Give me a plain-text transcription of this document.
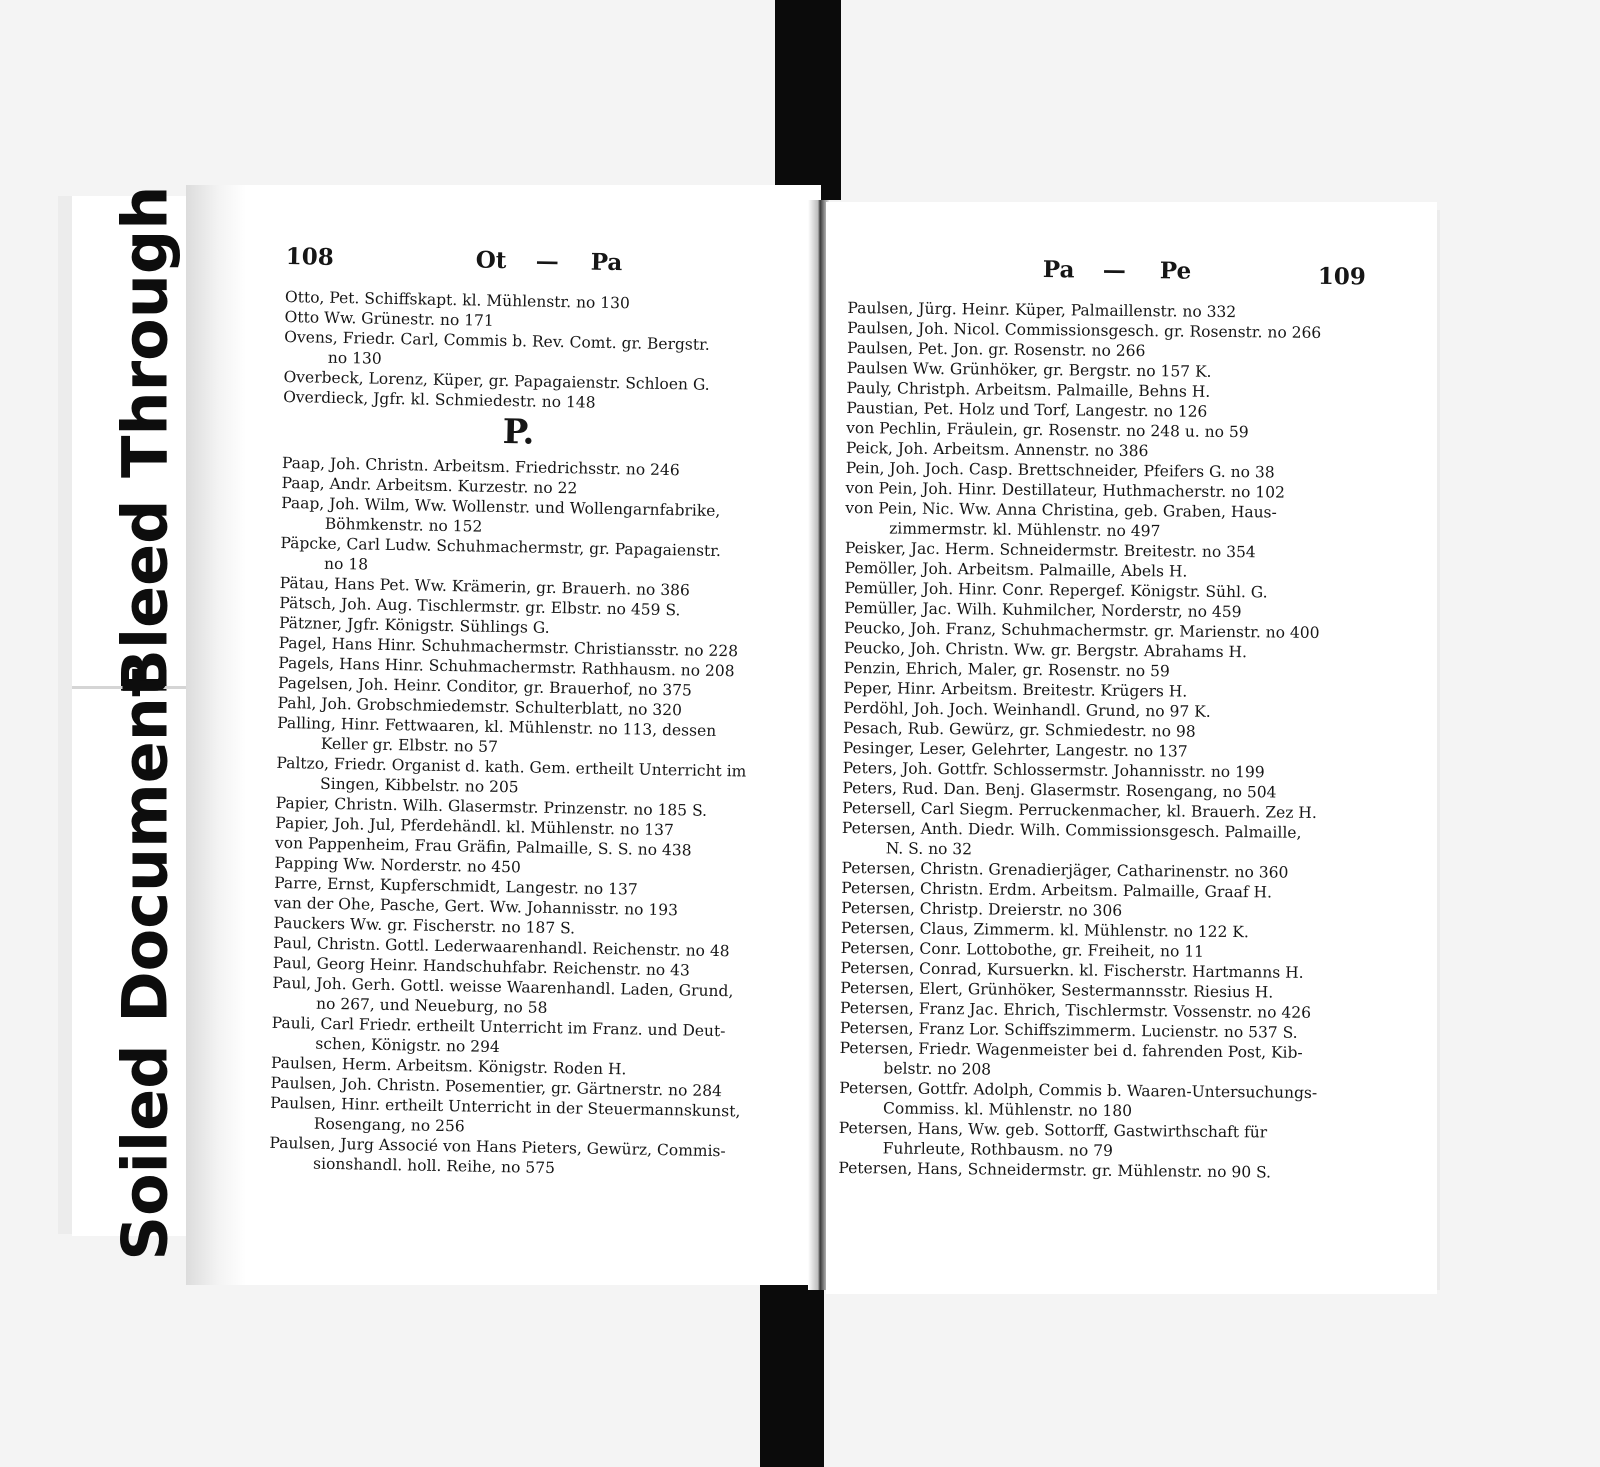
Bleed Through
Soiled Document
108	Ot — Pa

Otto, Pet. Schiffskapt. kl. Mühlenstr. no 130

Otto Ww. Grünestr. no 171

Ovens, Friedr. Carl, Commis b. Rev. Comt. gr. Bergstr.

no 130

Overbeck, Lorenz, Küper, gr. Papagaienstr. Schloen G.

Overdieck, Jgfr. kl. Schmiedestr. no 148

P.

Paap, Joh. Christn. Arbeitsm. Friedrichsstr. no 246

Paap, Andr. Arbeitsm. Kurzestr. no 22

Paap, Joh. Wilm, Ww. Wollenstr. und Wollengarnfabrike,

Böhmkenstr. no 152

Päpcke, Carl Ludw. Schuhmachermstr, gr. Papagaienstr.

no 18

Pätau, Hans Pet. Ww. Krämerin, gr. Brauerh. no 386

Pätsch, Joh. Aug. Tischlermstr. gr. Elbstr. no 459 S.

Pätzner, Jgfr. Königstr. Sühlings G.

Pagel, Hans Hinr. Schuhmachermstr. Christiansstr. no 228

Pagels, Hans Hinr. Schuhmachermstr. Rathhausm. no 208

Pagelsen, Joh. Heinr. Conditor, gr. Brauerhof, no 375

Pahl, Joh. Grobschmiedemstr. Schulterblatt, no 320

Palling, Hinr. Fettwaaren, kl. Mühlenstr. no 113, dessen

Keller gr. Elbstr. no 57

Paltzo, Friedr. Organist d. kath. Gem. ertheilt Unterricht im

Singen, Kibbelstr. no 205

Papier, Christn. Wilh. Glasermstr. Prinzenstr. no 185 S.

Papier, Joh. Jul, Pferdehändl. kl. Mühlenstr. no 137

von Pappenheim, Frau Gräfin, Palmaille, S. S. no 438

Papping Ww. Norderstr. no 450

Parre, Ernst, Kupferschmidt, Langestr. no 137

van der Ohe, Pasche, Gert. Ww. Johannisstr. no 193

Pauckers Ww. gr. Fischerstr. no 187 S.

Paul, Christn. Gottl. Lederwaarenhandl. Reichenstr. no 48

Paul, Georg Heinr. Handschuhfabr. Reichenstr. no 43

Paul, Joh. Gerh. Gottl. weisse Waarenhandl. Laden, Grund,

no 267, und Neueburg, no 58

Pauli, Carl Friedr. ertheilt Unterricht im Franz. und Deut-

schen, Königstr. no 294

Paulsen, Herm. Arbeitsm. Königstr. Roden H.

Paulsen, Joh. Christn. Posementier, gr. Gärtnerstr. no 284

Paulsen, Hinr. ertheilt Unterricht in der Steuermannskunst,

Rosengang, no 256

Paulsen, Jurg Associé von Hans Pieters, Gewürz, Commis-

sionshandl. holl. Reihe, no 575

Pa — Pe	109

Paulsen, Jürg. Heinr. Küper, Palmaillenstr. no 332

Paulsen, Joh. Nicol. Commissionsgesch. gr. Rosenstr. no 266

Paulsen, Pet. Jon. gr. Rosenstr. no 266

Paulsen Ww. Grünhöker, gr. Bergstr. no 157 K.

Pauly, Christph. Arbeitsm. Palmaille, Behns H.

Paustian, Pet. Holz und Torf, Langestr. no 126

von Pechlin, Fräulein, gr. Rosenstr. no 248 u. no 59

Peick, Joh. Arbeitsm. Annenstr. no 386

Pein, Joh. Joch. Casp. Brettschneider, Pfeifers G. no 38

von Pein, Joh. Hinr. Destillateur, Huthmacherstr. no 102

von Pein, Nic. Ww. Anna Christina, geb. Graben, Haus-

zimmermstr. kl. Mühlenstr. no 497

Peisker, Jac. Herm. Schneidermstr. Breitestr. no 354

Pemöller, Joh. Arbeitsm. Palmaille, Abels H.

Pemüller, Joh. Hinr. Conr. Repergef. Königstr. Sühl. G.

Pemüller, Jac. Wilh. Kuhmilcher, Norderstr, no 459

Peucko, Joh. Franz, Schuhmachermstr. gr. Marienstr. no 400

Peucko, Joh. Christn. Ww. gr. Bergstr. Abrahams H.

Penzin, Ehrich, Maler, gr. Rosenstr. no 59

Peper, Hinr. Arbeitsm. Breitestr. Krügers H.

Perdöhl, Joh. Joch. Weinhandl. Grund, no 97 K.

Pesach, Rub. Gewürz, gr. Schmiedestr. no 98

Pesinger, Leser, Gelehrter, Langestr. no 137

Peters, Joh. Gottfr. Schlossermstr. Johannisstr. no 199

Peters, Rud. Dan. Benj. Glasermstr. Rosengang, no 504

Petersell, Carl Siegm. Perruckenmacher, kl. Brauerh. Zez H.

Petersen, Anth. Diedr. Wilh. Commissionsgesch. Palmaille,

N. S. no 32

Petersen, Christn. Grenadierjäger, Catharinenstr. no 360

Petersen, Christn. Erdm. Arbeitsm. Palmaille, Graaf H.

Petersen, Christp. Dreierstr. no 306

Petersen, Claus, Zimmerm. kl. Mühlenstr. no 122 K.

Petersen, Conr. Lottobothe, gr. Freiheit, no 11

Petersen, Conrad, Kursuerkn. kl. Fischerstr. Hartmanns H.

Petersen, Elert, Grünhöker, Sestermannsstr. Riesius H.

Petersen, Franz Jac. Ehrich, Tischlermstr. Vossenstr. no 426

Petersen, Franz Lor. Schiffszimmerm. Lucienstr. no 537 S.

Petersen, Friedr. Wagenmeister bei d. fahrenden Post, Kib-

belstr. no 208

Petersen, Gottfr. Adolph, Commis b. Waaren-Untersuchungs-

Commiss. kl. Mühlenstr. no 180

Petersen, Hans, Ww. geb. Sottorff, Gastwirthschaft für

Fuhrleute, Rothbausm. no 79

Petersen, Hans, Schneidermstr. gr. Mühlenstr. no 90 S.
